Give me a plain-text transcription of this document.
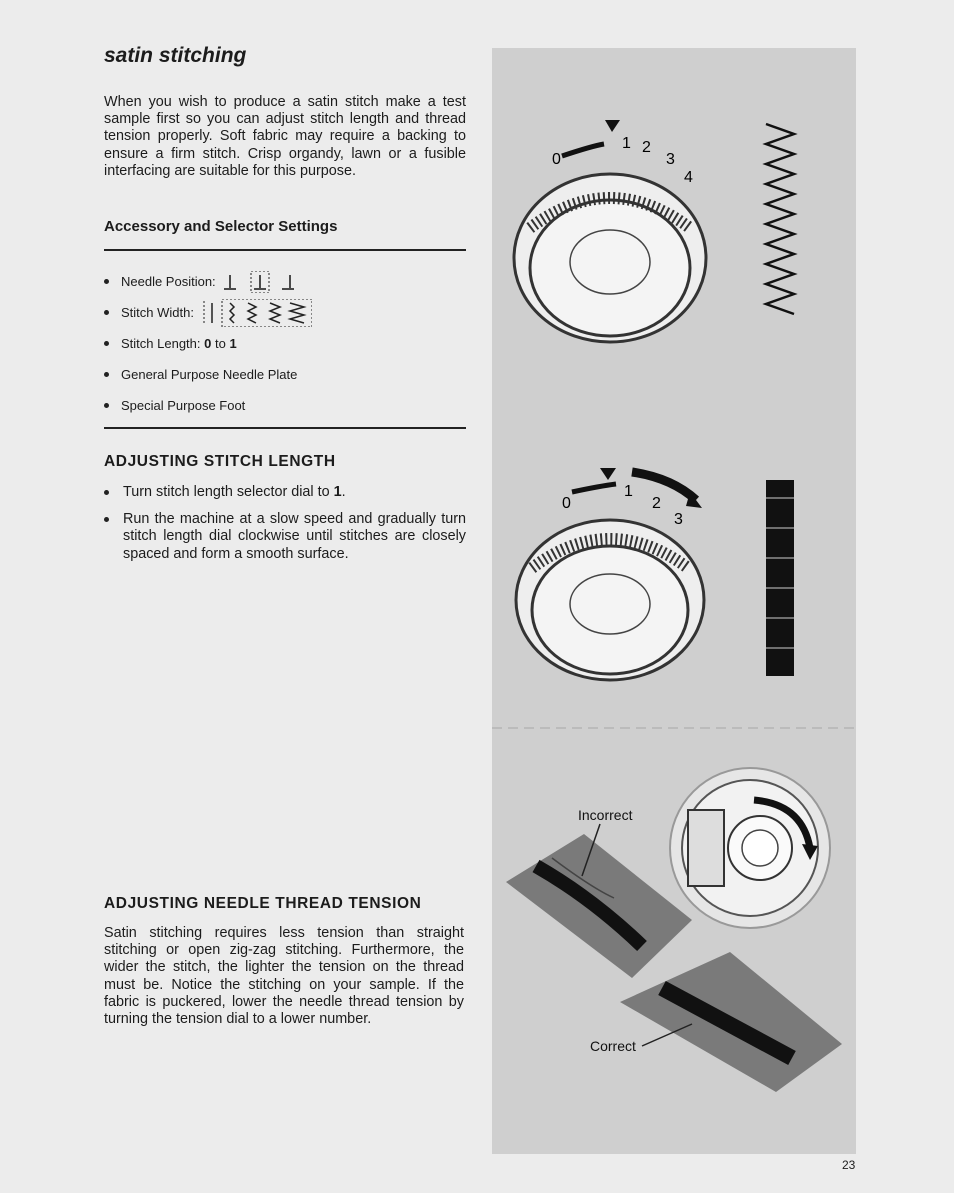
satin stitching

When you wish to produce a satin stitch make a test sample first so you can adjust stitch length and thread tension properly. Soft fabric may require a backing to ensure a firm stitch. Crisp organdy, lawn or a fusible interfacing are suitable for this purpose.

Accessory and Selector Settings
Needle Position:
Stitch Width:
Stitch Length:
0
to
1
General Purpose Needle Plate
Special Purpose Foot
ADJUSTING STITCH LENGTH
Turn stitch length selector dial to 1.
Run the machine at a slow speed and gradually turn stitch length dial clockwise until stitches are closely spaced and form a smooth surface.
ADJUSTING NEEDLE THREAD TENSION

Satin stitching requires less tension than straight stitching or open zig-zag stitching. Furthermore, the wider the stitch, the lighter the tension on the thread must be. Notice the stitching on your sample. If the fabric is puckered, lower the needle thread tension by turning the tension dial to a lower number.

0
1 2
3
4
0
1
2
3
Incorrect
Correct
23
